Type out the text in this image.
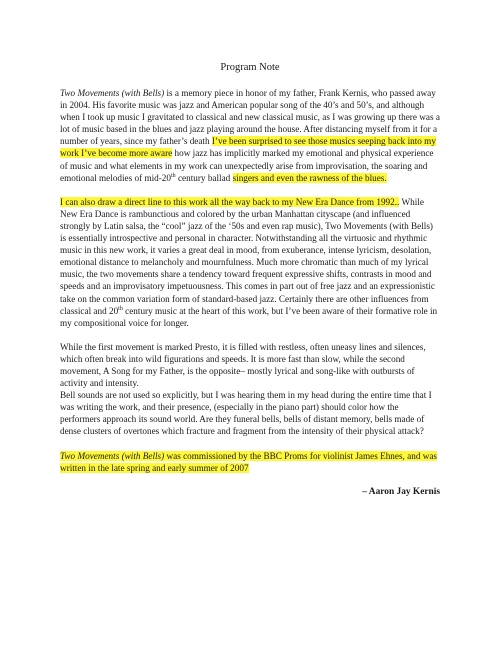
Program Note

Two Movements (with Bells) is a memory piece in honor of my father, Frank Kernis, who passed away in 2004. His favorite music was jazz and American popular song of the 40’s and 50’s, and although when I took up music I gravitated to classical and new classical music, as I was growing up there was a lot of music based in the blues and jazz playing around the house. After distancing myself from it for a number of years, since my father’s death I’ve been surprised to see those musics seeping back into my work I’ve become more aware how jazz has implicitly marked my emotional and physical experience of music and what elements in my work can unexpectedly arise from improvisation, the soaring and emotional melodies of mid-20th century ballad singers and even the rawness of the blues.

I can also draw a direct line to this work all the way back to my New Era Dance from 1992.. While New Era Dance is rambunctious and colored by the urban Manhattan cityscape (and influenced strongly by Latin salsa, the “cool” jazz of the ‘50s and even rap music), Two Movements (with Bells) is essentially introspective and personal in character. Notwithstanding all the virtuosic and rhythmic music in this new work, it varies a great deal in mood, from exuberance, intense lyricism, desolation, emotional distance to melancholy and mournfulness. Much more chromatic than much of my lyrical music, the two movements share a tendency toward frequent expressive shifts, contrasts in mood and speeds and an improvisatory impetuousness. This comes in part out of free jazz and an expressionistic take on the common variation form of standard-based jazz. Certainly there are other influences from classical and 20th century music at the heart of this work, but I’ve been aware of their formative role in my compositional voice for longer.

While the first movement is marked Presto, it is filled with restless, often uneasy lines and silences, which often break into wild figurations and speeds. It is more fast than slow, while the second movement, A Song for my Father, is the opposite– mostly lyrical and song-like with outbursts of activity and intensity.

Bell sounds are not used so explicitly, but I was hearing them in my head during the entire time that I was writing the work, and their presence, (especially in the piano part) should color how the performers approach its sound world. Are they funeral bells, bells of distant memory, bells made of dense clusters of overtones which fracture and fragment from the intensity of their physical attack?

Two Movements (with Bells) was commissioned by the BBC Proms for violinist James Ehnes, and was written in the late spring and early summer of 2007

– Aaron Jay Kernis
